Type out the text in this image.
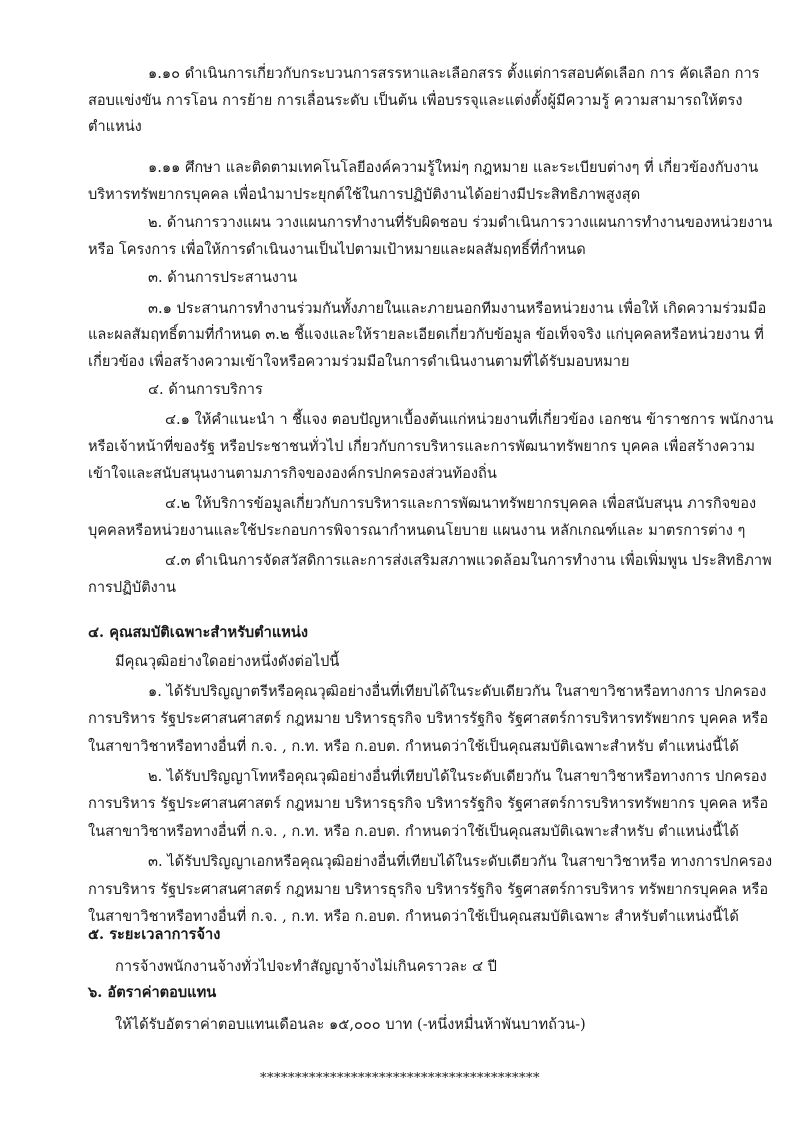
๑.๑๐ ดำเนินการเกี่ยวกับกระบวนการสรรหาและเลือกสรร ตั้งแต่การสอบคัดเลือก การ คัดเลือก การ
สอบแข่งขัน การโอน การย้าย การเลื่อนระดับ เป็นต้น เพื่อบรรจุและแต่งตั้งผู้มีความรู้ ความสามารถให้ตรง
ตำแหน่ง
๑.๑๑ ศึกษา และติดตามเทคโนโลยีองค์ความรู้ใหม่ๆ กฎหมาย และระเบียบต่างๆ ที่ เกี่ยวข้องกับงาน
บริหารทรัพยากรบุคคล เพื่อนำมาประยุกต์ใช้ในการปฏิบัติงานได้อย่างมีประสิทธิภาพสูงสุด
๒. ด้านการวางแผน วางแผนการทำงานที่รับผิดชอบ ร่วมดำเนินการวางแผนการทำงานของหน่วยงาน
หรือ โครงการ เพื่อให้การดำเนินงานเป็นไปตามเป้าหมายและผลสัมฤทธิ์ที่กำหนด
๓. ด้านการประสานงาน
๓.๑ ประสานการทำงานร่วมกันทั้งภายในและภายนอกทีมงานหรือหน่วยงาน เพื่อให้ เกิดความร่วมมือ
และผลสัมฤทธิ์ตามที่กำหนด ๓.๒ ชี้แจงและให้รายละเอียดเกี่ยวกับข้อมูล ข้อเท็จจริง แก่บุคคลหรือหน่วยงาน ที่
เกี่ยวข้อง เพื่อสร้างความเข้าใจหรือความร่วมมือในการดำเนินงานตามที่ได้รับมอบหมาย
๔. ด้านการบริการ
๔.๑ ให้คำแนะนำ า ชี้แจง ตอบปัญหาเบื้องต้นแก่หน่วยงานที่เกี่ยวข้อง เอกชน ข้าราชการ พนักงาน
หรือเจ้าหน้าที่ของรัฐ หรือประชาชนทั่วไป เกี่ยวกับการบริหารและการพัฒนาทรัพยากร บุคคล เพื่อสร้างความ
เข้าใจและสนับสนุนงานตามภารกิจขององค์กรปกครองส่วนท้องถิ่น
๔.๒ ให้บริการข้อมูลเกี่ยวกับการบริหารและการพัฒนาทรัพยากรบุคคล เพื่อสนับสนุน ภารกิจของ
บุคคลหรือหน่วยงานและใช้ประกอบการพิจารณากำหนดนโยบาย แผนงาน หลักเกณฑ์และ มาตรการต่าง ๆ
๔.๓ ดำเนินการจัดสวัสดิการและการส่งเสริมสภาพแวดล้อมในการทำงาน เพื่อเพิ่มพูน ประสิทธิภาพ
การปฏิบัติงาน
๔. คุณสมบัติเฉพาะสำหรับตำแหน่ง
มีคุณวุฒิอย่างใดอย่างหนึ่งดังต่อไปนี้
๑. ได้รับปริญญาตรีหรือคุณวุฒิอย่างอื่นที่เทียบได้ในระดับเดียวกัน ในสาขาวิชาหรือทางการ ปกครอง
การบริหาร รัฐประศาสนศาสตร์ กฎหมาย บริหารธุรกิจ บริหารรัฐกิจ รัฐศาสตร์การบริหารทรัพยากร บุคคล หรือ
ในสาขาวิชาหรือทางอื่นที่ ก.จ. , ก.ท. หรือ ก.อบต. กำหนดว่าใช้เป็นคุณสมบัติเฉพาะสำหรับ ตำแหน่งนี้ได้
๒. ได้รับปริญญาโทหรือคุณวุฒิอย่างอื่นที่เทียบได้ในระดับเดียวกัน ในสาขาวิชาหรือทางการ ปกครอง
การบริหาร รัฐประศาสนศาสตร์ กฎหมาย บริหารธุรกิจ บริหารรัฐกิจ รัฐศาสตร์การบริหารทรัพยากร บุคคล หรือ
ในสาขาวิชาหรือทางอื่นที่ ก.จ. , ก.ท. หรือ ก.อบต. กำหนดว่าใช้เป็นคุณสมบัติเฉพาะสำหรับ ตำแหน่งนี้ได้
๓. ได้รับปริญญาเอกหรือคุณวุฒิอย่างอื่นที่เทียบได้ในระดับเดียวกัน ในสาขาวิชาหรือ ทางการปกครอง
การบริหาร รัฐประศาสนศาสตร์ กฎหมาย บริหารธุรกิจ บริหารรัฐกิจ รัฐศาสตร์การบริหาร ทรัพยากรบุคคล หรือ
ในสาขาวิชาหรือทางอื่นที่ ก.จ. , ก.ท. หรือ ก.อบต. กำหนดว่าใช้เป็นคุณสมบัติเฉพาะ สำหรับตำแหน่งนี้ได้
๕. ระยะเวลาการจ้าง
การจ้างพนักงานจ้างทั่วไปจะทำสัญญาจ้างไม่เกินคราวละ ๔ ปี
๖. อัตราค่าตอบแทน
ให้ได้รับอัตราค่าตอบแทนเดือนละ ๑๕,๐๐๐ บาท (-หนึ่งหมื่นห้าพันบาทถ้วน-)
****************************************
